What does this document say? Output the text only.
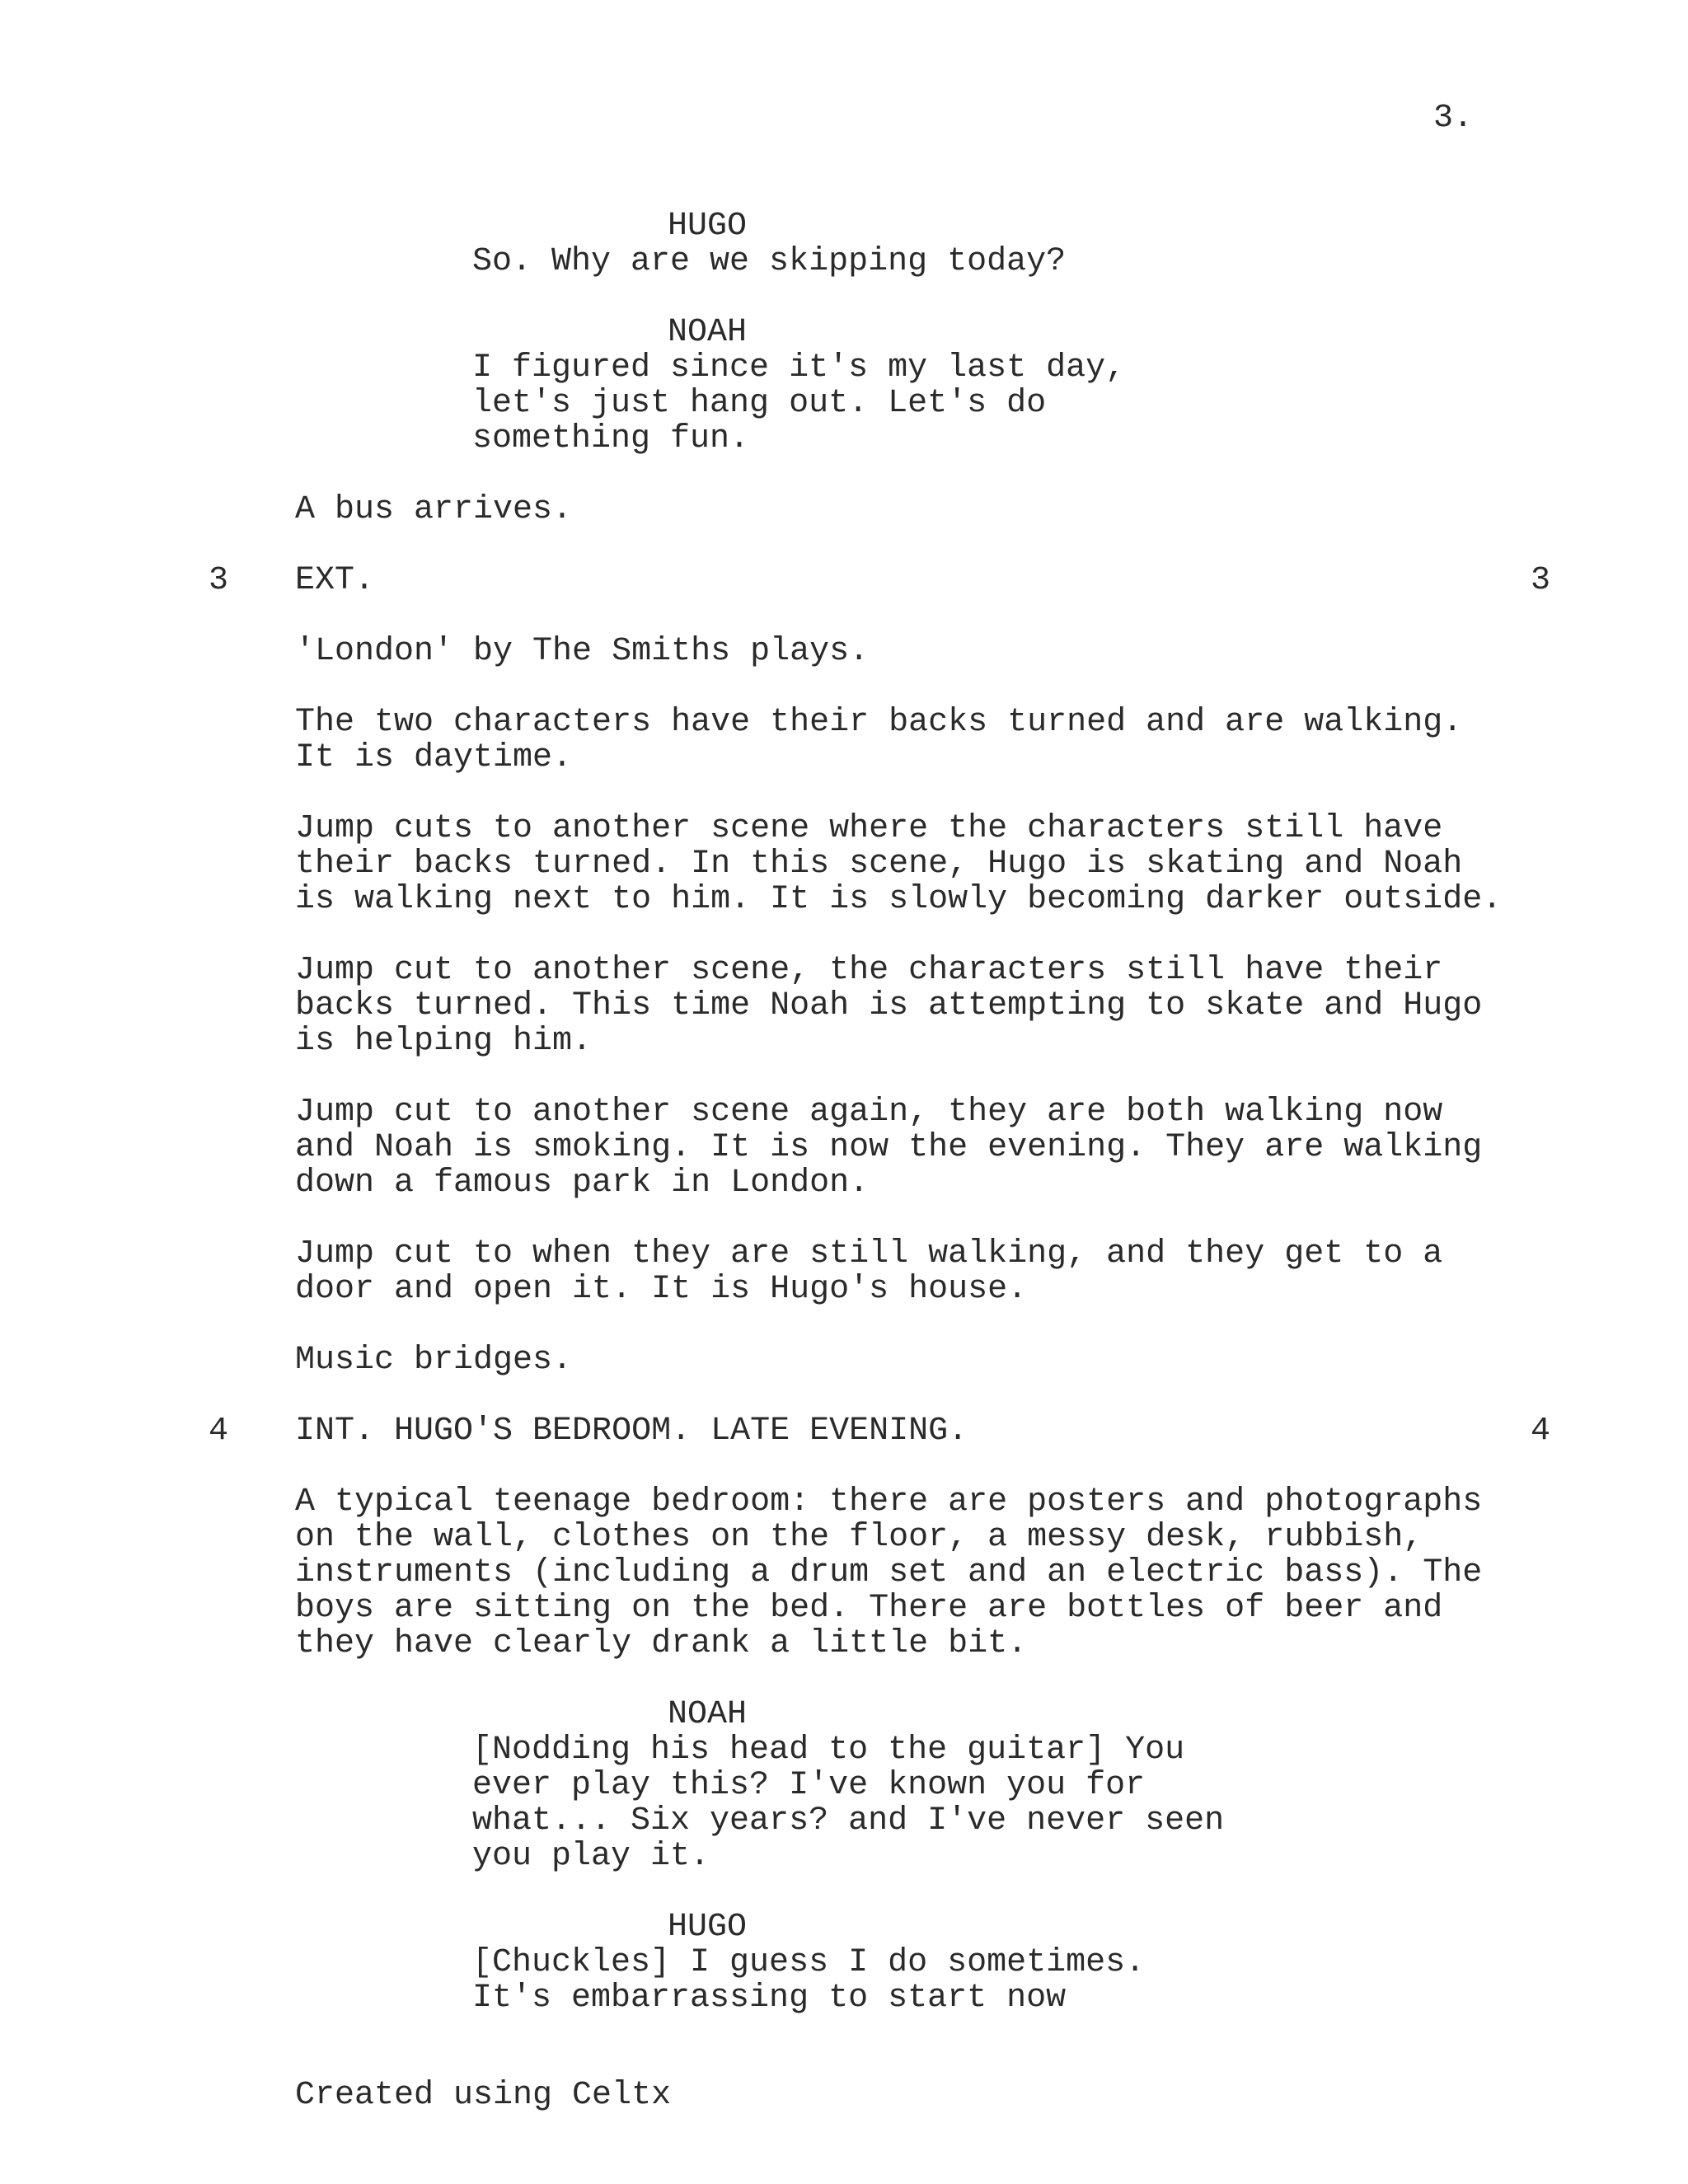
3.
HUGO
So. Why are we skipping today?
NOAH
I figured since it's my last day,
let's just hang out. Let's do
something fun.
A bus arrives.
3 EXT.	3
'London' by The Smiths plays.
The two characters have their backs turned and are walking.
It is daytime.
Jump cuts to another scene where the characters still have
their backs turned. In this scene, Hugo is skating and Noah
is walking next to him. It is slowly becoming darker outside.
Jump cut to another scene, the characters still have their
backs turned. This time Noah is attempting to skate and Hugo
is helping him.
Jump cut to another scene again, they are both walking now
and Noah is smoking. It is now the evening. They are walking
down a famous park in London.
Jump cut to when they are still walking, and they get to a
door and open it. It is Hugo's house.
Music bridges.
4 INT. HUGO'S BEDROOM. LATE EVENING.	4
A typical teenage bedroom: there are posters and photographs
on the wall, clothes on the floor, a messy desk, rubbish,
instruments (including a drum set and an electric bass). The
boys are sitting on the bed. There are bottles of beer and
they have clearly drank a little bit.
NOAH
[Nodding his head to the guitar] You
ever play this? I've known you for
what... Six years? and I've never seen
you play it.
HUGO
[Chuckles] I guess I do sometimes.
It's embarrassing to start now
Created using Celtx
